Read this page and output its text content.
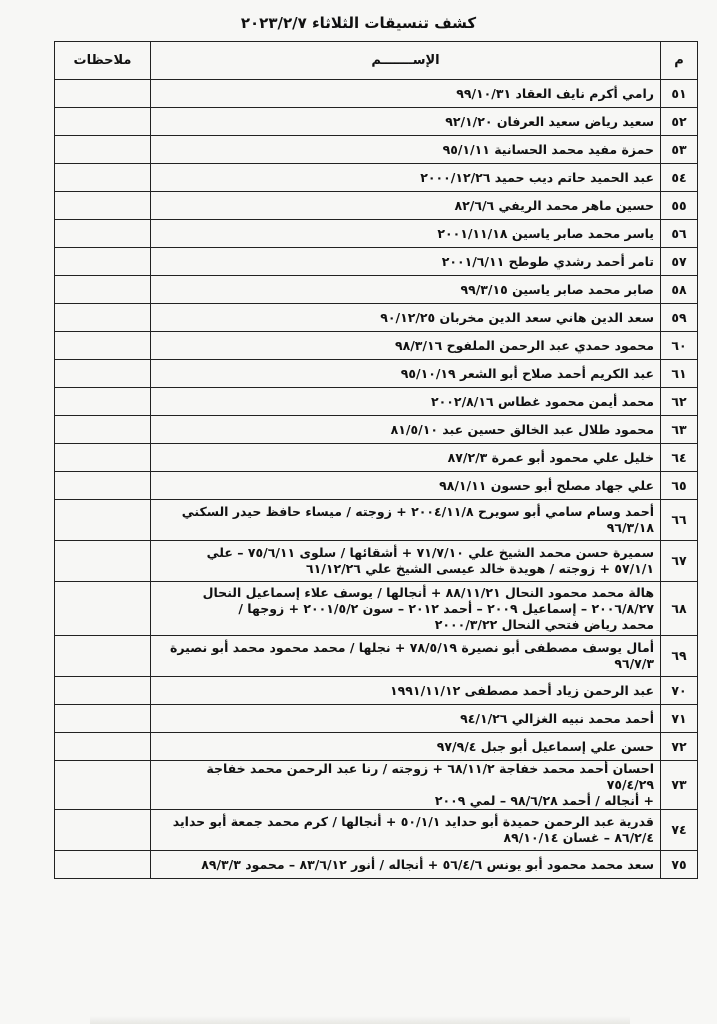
كشف تنسيقات الثلاثاء ٢٠٢٣/٢/٧
م	الإســـــــم	ملاحظات
٥١	رامي أكرم نايف العقاد ٩٩/١٠/٣١	

٥٢	سعيد رياض سعيد العرفان ٩٢/١/٢٠	

٥٣	حمزة مفيد محمد الحسانية ٩٥/١/١١	

٥٤	عبد الحميد حاتم ديب حميد ٢٠٠٠/١٢/٢٦	

٥٥	حسين ماهر محمد الريفي ٨٢/٦/٦	

٥٦	ياسر محمد صابر ياسين ٢٠٠١/١١/١٨	

٥٧	تامر أحمد رشدي طوطح ٢٠٠١/٦/١١	

٥٨	صابر محمد صابر ياسين ٩٩/٣/١٥	

٥٩	سعد الدين هاني سعد الدين مخربان ٩٠/١٢/٢٥	

٦٠	محمود حمدي عبد الرحمن الملفوح ٩٨/٣/١٦	

٦١	عبد الكريم أحمد صلاح أبو الشعر ٩٥/١٠/١٩	

٦٢	محمد أيمن محمود غطاس ٢٠٠٢/٨/١٦	

٦٣	محمود طلال عبد الخالق حسين عبد ٨١/٥/١٠	

٦٤	خليل علي محمود أبو عمرة ٨٧/٢/٣	

٦٥	علي جهاد مصلح أبو حسون ٩٨/١/١١	

٦٦	أحمد وسام سامي أبو سويرح ٢٠٠٤/١١/٨ + زوجته / ميساء حافظ حيدر السكني
٩٦/٣/١٨	

٦٧	سميرة حسن محمد الشيخ علي ٧١/٧/١٠ + أشقائها / سلوى ٧٥/٦/١١ – علي
٥٧/١/١ + زوجته / هويدة خالد عيسى الشيخ علي ٦١/١٢/٢٦	

٦٨	هالة محمد محمود النحال ٨٨/١١/٢١ + أنجالها / يوسف علاء إسماعيل النحال
٢٠٠٦/٨/٢٧ – إسماعيل ٢٠٠٩ – أحمد ٢٠١٢ – سون ٢٠٠١/٥/٢ + زوجها /
محمد رياض فتحي النحال ٢٠٠٠/٣/٢٢	

٦٩	أمال يوسف مصطفى أبو نصيرة ٧٨/٥/١٩ + نجلها / محمد محمود محمد أبو نصيرة
٩٦/٧/٣	

٧٠	عبد الرحمن زياد أحمد مصطفى ١٩٩١/١١/١٢	

٧١	أحمد محمد نبيه الغزالي ٩٤/١/٢٦	

٧٢	حسن علي إسماعيل أبو جبل ٩٧/٩/٤	

٧٣	احسان أحمد محمد خفاجة ٦٨/١١/٢ + زوجته / رنا عبد الرحمن محمد خفاجة ٧٥/٤/٢٩
+ أنجاله / أحمد ٩٨/٦/٢٨ – لمي ٢٠٠٩	

٧٤	قدرية عبد الرحمن حميدة أبو حدايد ٥٠/١/١ + أنجالها / كرم محمد جمعة أبو حدايد
٨٦/٢/٤ – غسان ٨٩/١٠/١٤	

٧٥	سعد محمد محمود أبو يونس ٥٦/٤/٦ + أنجاله / أنور ٨٣/٦/١٢ – محمود ٨٩/٣/٣	
